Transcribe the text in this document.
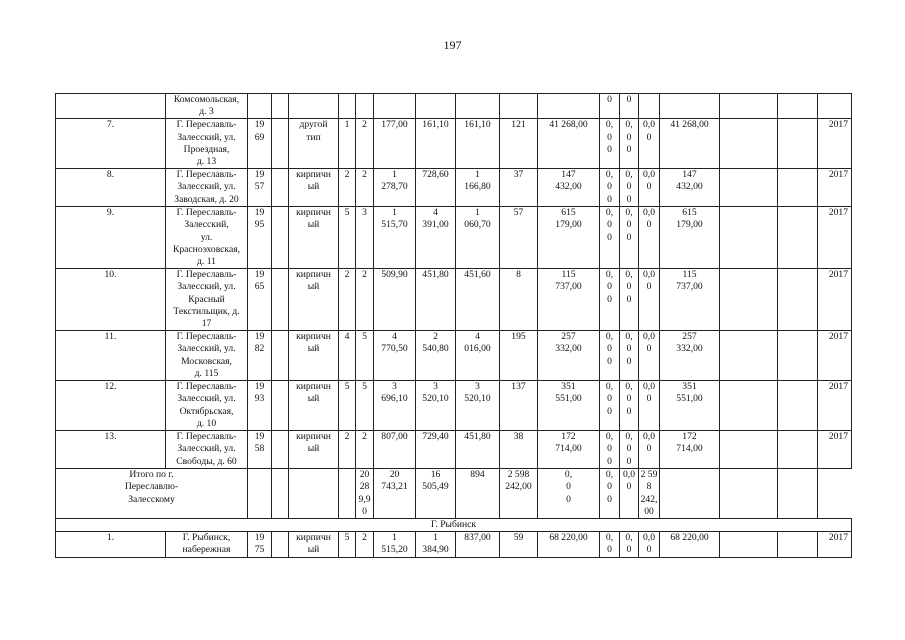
197
	Комсомольская,
д. 3											0	0					
7.	Г. Переславль-
Залесский, ул.
Проездная,
д. 13	19
69		другой
тип	1	2	177,00	161,10	161,10	121	41 268,00	0,
0
0	0,
0
0	0,0
0	41 268,00			2017
8.	Г. Переславль-
Залесский, ул.
Заводская, д. 20	19
57		кирпичн
ый	2	2	1
278,70	728,60	1
166,80	37	147
432,00	0,
0
0	0,
0
0	0,0
0	147
432,00			2017
9.	Г. Переславль-
Залесский,
ул.
Красноэховская,
д. 11	19
95		кирпичн
ый	5	3	1
515,70	4
391,00	1
060,70	57	615
179,00	0,
0
0	0,
0
0	0,0
0	615
179,00			2017
10.	Г. Переславль-
Залесский, ул.
Красный
Текстильщик, д.
17	19
65		кирпичн
ый	2	2	509,90	451,80	451,60	8	115
737,00	0,
0
0	0,
0
0	0,0
0	115
737,00			2017
11.	Г. Переславль-
Залесский, ул.
Московская,
д. 115	19
82		кирпичн
ый	4	5	4
770,50	2
540,80	4
016,00	195	257
332,00	0,
0
0	0,
0
0	0,0
0	257
332,00			2017
12.	Г. Переславль-
Залесский, ул.
Октябрьская,
д. 10	19
93		кирпичн
ый	5	5	3
696,10	3
520,10	3
520,10	137	351
551,00	0,
0
0	0,
0
0	0,0
0	351
551,00			2017
13.	Г. Переславль-
Залесский, ул.
Свободы, д. 60	19
58		кирпичн
ый	2	2	807,00	729,40	451,80	38	172
714,00	0,
0
0	0,
0
0	0,0
0	172
714,00			2017
Итого по г.
Переславлю-
Залесскому						20
289,90	20
743,21	16
505,49	894	2 598
242,00	0,
0
0	0,
0
0	0,0
0	2 598
242,00				
Г. Рыбинск																		
1.	Г. Рыбинск,
набережная	19
75		кирпичн
ый	5	2	1
515,20	1
384,90	837,00	59	68 220,00	0,
0	0,
0	0,0
0	68 220,00			2017
